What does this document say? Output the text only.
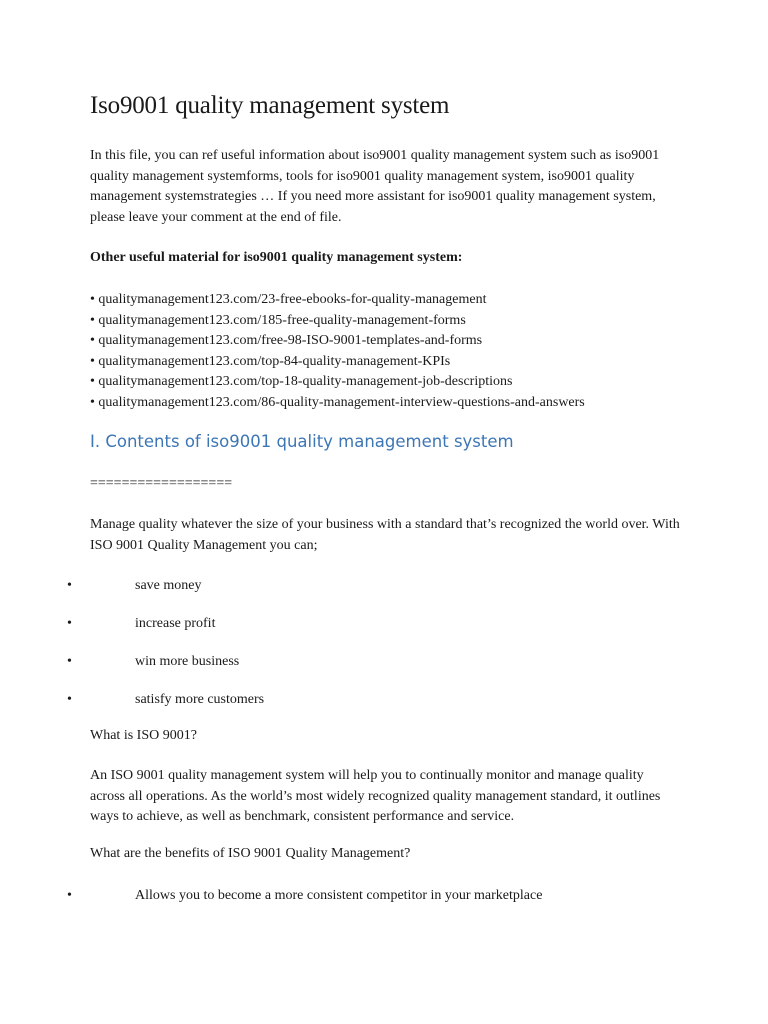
Iso9001 quality management system

In this file, you can ref useful information about iso9001 quality management system such as iso9001 quality management systemforms, tools for iso9001 quality management system, iso9001 quality management systemstrategies … If you need more assistant for iso9001 quality management system, please leave your comment at the end of file.

Other useful material for iso9001 quality management system:

• qualitymanagement123.com/23-free-ebooks-for-quality-management
• qualitymanagement123.com/185-free-quality-management-forms
• qualitymanagement123.com/free-98-ISO-9001-templates-and-forms
• qualitymanagement123.com/top-84-quality-management-KPIs
• qualitymanagement123.com/top-18-quality-management-job-descriptions
• qualitymanagement123.com/86-quality-management-interview-questions-and-answers
I. Contents of iso9001 quality management system

==================

Manage quality whatever the size of your business with a standard that’s recognized the world over. With ISO 9001 Quality Management you can;

•	save money
•	increase profit
•	win more business
•	satisfy more customers

What is ISO 9001?

An ISO 9001 quality management system will help you to continually monitor and manage quality across all operations. As the world’s most widely recognized quality management standard, it outlines ways to achieve, as well as benchmark, consistent performance and service.

What are the benefits of ISO 9001 Quality Management?

•	Allows you to become a more consistent competitor in your marketplace
